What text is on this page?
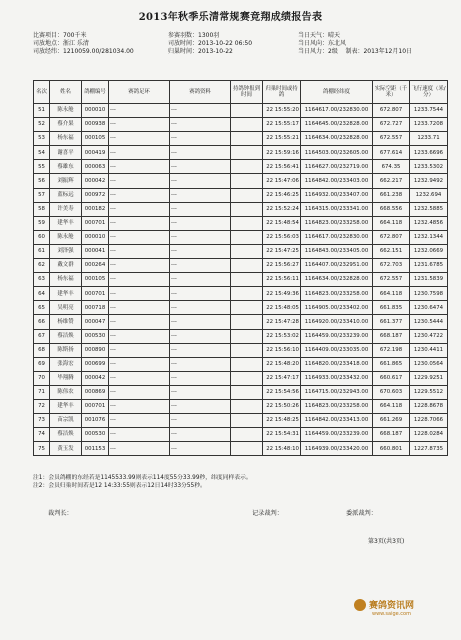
2013年秋季乐清常规赛竞翔成绩报告表
比赛项目：700千米
司放地点：浙江 乐清
司放经纬：1210059.00/281034.00
参赛羽数：1300羽
司放时间：2013-10-22 06:50
归巢时间：2013-10-22
当日天气：晴天
当日风向：东北风
当日风力：2级 制表：2013年12月10日
名次	姓名	鸽棚编号	赛鸽足环	赛鸽资料	持鸽钟报到时间	归巢时间或持鸽	鸽棚经纬度	实际空距（千米）	飞行速度（米/分）
51	陈永舱	000010	---	---		22 15:55:20	1164617.00/232830.00	672.807	1233.7544
52	蔡介果	000938	---	---		22 15:55:17	1164645.00/232828.00	672.727	1233.7208
53	杨东福	000105	---	---		22 15:55:21	1164634.00/232828.00	672.557	1233.71
54	谢喜平	000419	---	---		22 15:59:16	1164503.00/232605.00	677.614	1233.6696
55	蔡雄东	000063	---	---		22 15:56:41	1164627.00/232719.00	674.35	1233.5302
56	刘振辉	000042	---	---		22 15:47:06	1164842.00/233403.00	662.217	1232.9492
57	蓝标远	000972	---	---		22 15:46:25	1164932.00/233407.00	661.238	1232.694
58	许美寿	000182	---	---		22 15:52:24	1164315.00/233341.00	668.556	1232.5885
59	建华丰	000701	---	---		22 15:48:54	1164823.00/233258.00	664.118	1232.4856
60	陈永舱	000010	---	---		22 15:56:03	1164617.00/232830.00	672.807	1232.1344
61	刘泽强	000041	---	---		22 15:47:25	1164843.00/233405.00	662.151	1232.0669
62	戴文群	000264	---	---		22 15:56:27	1164407.00/232951.00	672.703	1231.6785
63	杨东福	000105	---	---		22 15:56:11	1164634.00/232828.00	672.557	1231.5839
64	建华丰	000701	---	---		22 15:49:36	1164823.00/233258.00	664.118	1230.7598
65	吴明亮	000718	---	---		22 15:48:05	1164905.00/233402.00	661.835	1230.6474
66	杨维赞	000047	---	---		22 15:47:28	1164920.00/233410.00	661.377	1230.5444
67	蔡洁焕	000530	---	---		22 15:53:02	1164459.00/233239.00	668.187	1230.4722
68	陈斯扬	000890	---	---		22 15:56:10	1164409.00/233035.00	672.198	1230.4411
69	张海宏	000699	---	---		22 15:48:20	1164820.00/233418.00	661.865	1230.0564
70	毕翔腾	000042	---	---		22 15:47:17	1164933.00/233432.00	660.617	1229.9251
71	陈伟农	000869	---	---		22 15:54:56	1164715.00/232943.00	670.603	1229.5512
72	建华丰	000701	---	---		22 15:50:26	1164823.00/233258.00	664.118	1228.8678
73	苗宗凯	001076	---	---		22 15:48:25	1164842.00/233413.00	661.269	1228.7066
74	蔡洁焕	000530	---	---		22 15:54:31	1164459.00/233239.00	668.187	1228.0284
75	黄玉发	001153	---	---		22 15:48:10	1164939.00/233420.00	660.801	1227.8735
注1：会员鸽棚的东经若是1145533.99则表示114度55分33.99秒，纬度同样表示。
注2：会员归巢时间若是12 14:33:55则表示12日14时33分55秒。
裁判长：	记录裁判：	委派裁判：
第3页(共3页)
赛鸽资讯网
www.saige.com
